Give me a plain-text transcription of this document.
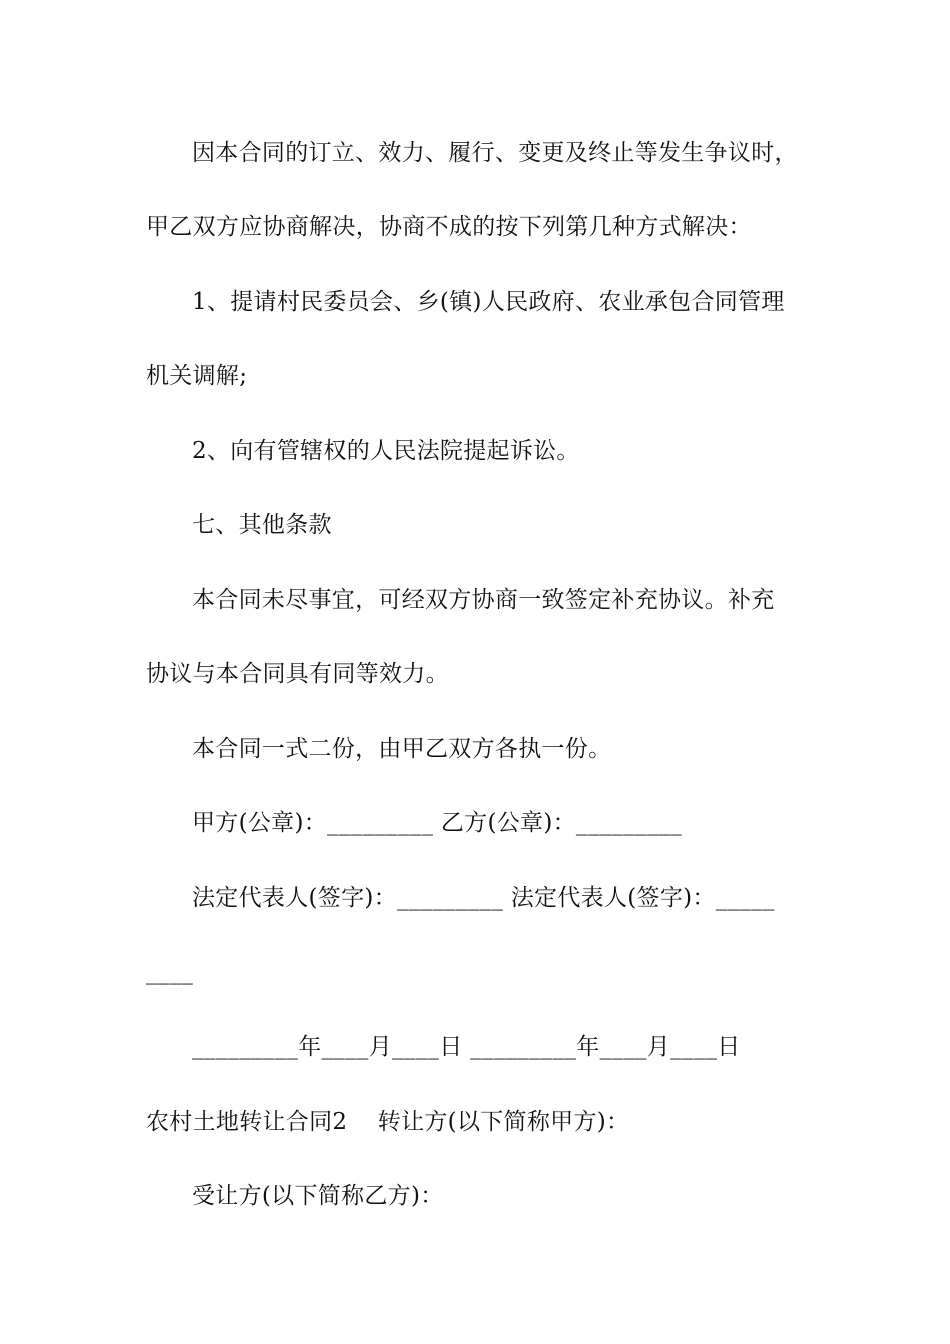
因本合同的订立、效力、履行、变更及终止等发生争议时，
甲乙双方应协商解决，协商不成的按下列第几种方式解决：
1、提请村民委员会、乡(镇)人民政府、农业承包合同管理
机关调解;
2、向有管辖权的人民法院提起诉讼。
七、其他条款
本合同未尽事宜，可经双方协商一致签定补充协议。补充
协议与本合同具有同等效力。
本合同一式二份，由甲乙双方各执一份。
甲方(公章)：_________ 乙方(公章)：_________
法定代表人(签字)：_________ 法定代表人(签字)：_____
____
_________年____月____日 _________年____月____日
农村土地转让合同2    转让方(以下简称甲方)：
受让方(以下简称乙方)：
